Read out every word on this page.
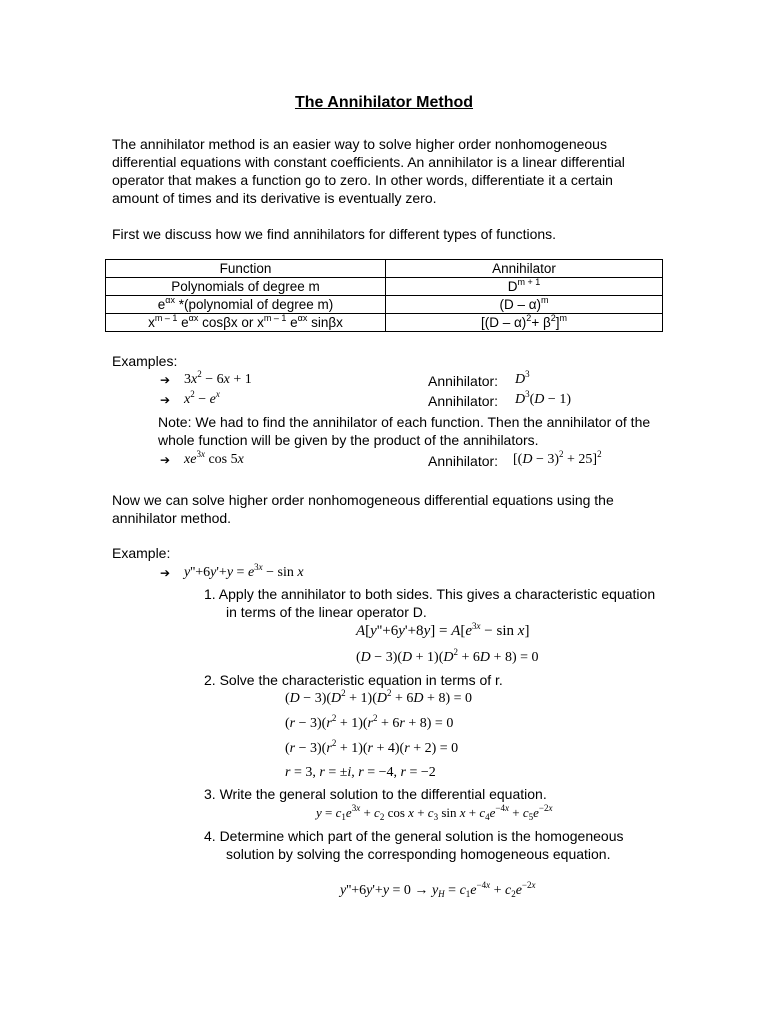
The Annihilator Method
The annihilator method is an easier way to solve higher order nonhomogeneous differential equations with constant coefficients. An annihilator is a linear differential operator that makes a function go to zero. In other words, differentiate it a certain amount of times and its derivative is eventually zero.
First we discuss how we find annihilators for different types of functions.
Function	Annihilator
Polynomials of degree m	$D^{m + 1}$
$e^{\alpha x}$ *(polynomial of degree m)	(D – α)$^m$
$x^{m - 1}$ $e^{\alpha x}$ cosβx or $x^{m - 1}$ $e^{\alpha x}$ sinβx	$[(D - \alpha)^2+ \beta^2]^m$
Examples:
➔ $3x^2 - 6x + 1$	Annihilator: $D^3$
➔ $x^2 - e^x$	Annihilator: $D^3(D - 1)$
Note: We had to find the annihilator of each function. Then the annihilator of the whole function will be given by the product of the annihilators.
➔ $xe^{3x}$ cos 5x	Annihilator: $[(D - 3)^2 + 25]^2$
Now we can solve higher order nonhomogeneous differential equations using the annihilator method.
Example:
➔ $y''+6y'+y = e^{3x} - \sin x$
1. Apply the annihilator to both sides. This gives a characteristic equation in terms of the linear operator D.
$A[y''+6y'+8y] = A[e^{3x} - \sin x]$
$(D - 3)(D + 1)(D^2 + 6D + 8) = 0$
2. Solve the characteristic equation in terms of r.
$(D - 3)(D^2 + 1)(D^2 + 6D + 8) = 0$
$(r - 3)(r^2 + 1)(r^2 + 6r + 8) = 0$
$(r - 3)(r^2 + 1)(r + 4)(r + 2) = 0$
r = 3, r = ±i, r = −4, r = −2
3. Write the general solution to the differential equation.
$y = c_1e^{3x} + c_2$ $\cos x + c_3$ $\sin x + c_4e^{-4x} + c_5e^{-2x}$
4. Determine which part of the general solution is the homogeneous solution by solving the corresponding homogeneous equation.
$y''+6y'+y = 0 \to y_H = c_1e^{-4x} + c_2e^{-2x}$
